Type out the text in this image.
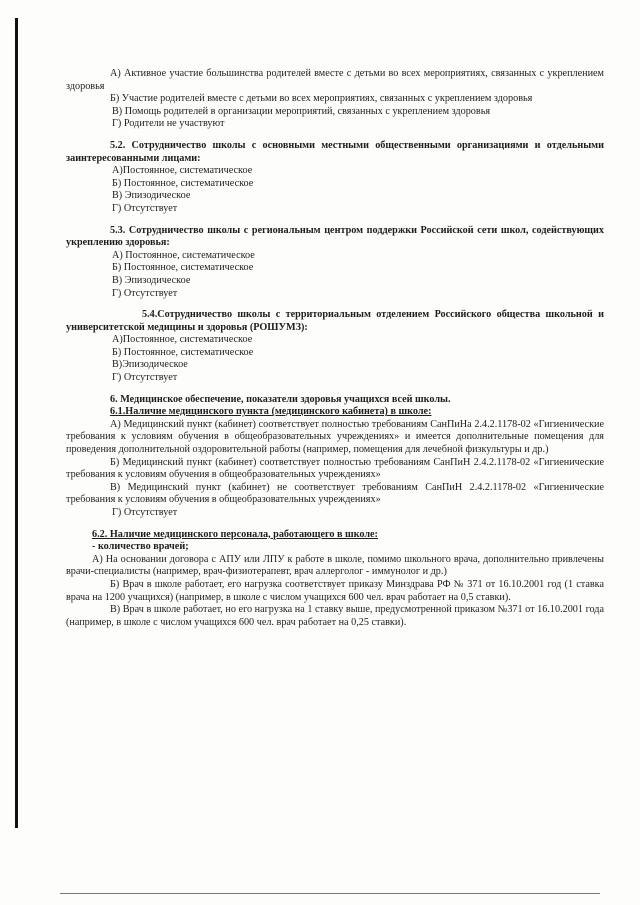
А) Активное участие большинства родителей вместе с детьми во всех мероприятиях, связанных с укреплением здоровья

Б) Участие родителей вместе с детьми во всех мероприятиях, связанных с укреплением здоровья

В) Помощь родителей в организации мероприятий, связанных с укреплением здоровья

Г) Родители не участвуют

5.2. Сотрудничество школы с основными местными общественными организациями и отдельными заинтересованными лицами:

А)Постоянное, систематическое

Б) Постоянное, систематическое

В) Эпизодическое

Г) Отсутствует

5.3. Сотрудничество школы с региональным центром поддержки Российской сети школ, содействующих укреплению здоровья:

А) Постоянное, систематическое

Б) Постоянное, систематическое

В) Эпизодическое

Г) Отсутствует

5.4.Сотрудничество школы с территориальным отделением Российского общества школьной и университетской медицины и здоровья (РОШУМЗ):

А)Постоянное, систематическое

Б) Постоянное, систематическое

В)Эпизодическое

Г) Отсутствует

6. Медицинское обеспечение, показатели здоровья учащихся всей школы.

6.1.Наличие медицинского пункта (медицинского кабинета) в школе:

А) Медицинский пункт (кабинет) соответствует полностью требованиям СанПиНа 2.4.2.1178-02 «Гигиенические требования к условиям обучения в общеобразовательных учреждениях» и имеется дополнительные помещения для проведения дополнительной оздоровительной работы (например, помещения для лечебной физкультуры и др.)

Б) Медицинский пункт (кабинет) соответствует полностью требованиям СанПиН 2.4.2.1178-02 «Гигиенические требования к условиям обучения в общеобразовательных учреждениях»

В) Медицинский пункт (кабинет) не соответствует требованиям СанПиН 2.4.2.1178-02 «Гигиенические требования к условиям обучения в общеобразовательных учреждениях»

Г) Отсутствует

6.2. Наличие медицинского персонала, работающего в школе:

- количество врачей;

А) На основании договора с АПУ или ЛПУ к работе в школе, помимо школьного врача, дополнительно привлечены врачи-специалисты (например, врач-физиотерапевт, врач аллерголог - иммунолог и др.)

Б) Врач в школе работает, его нагрузка соответствует приказу Минздрава РФ № 371 от 16.10.2001 год (1 ставка врача на 1200 учащихся) (например, в школе с числом учащихся 600 чел. врач работает на 0,5 ставки).

В) Врач в школе работает, но его нагрузка на 1 ставку выше, предусмотренной приказом №371 от 16.10.2001 года (например, в школе с числом учащихся 600 чел. врач работает на 0,25 ставки).
